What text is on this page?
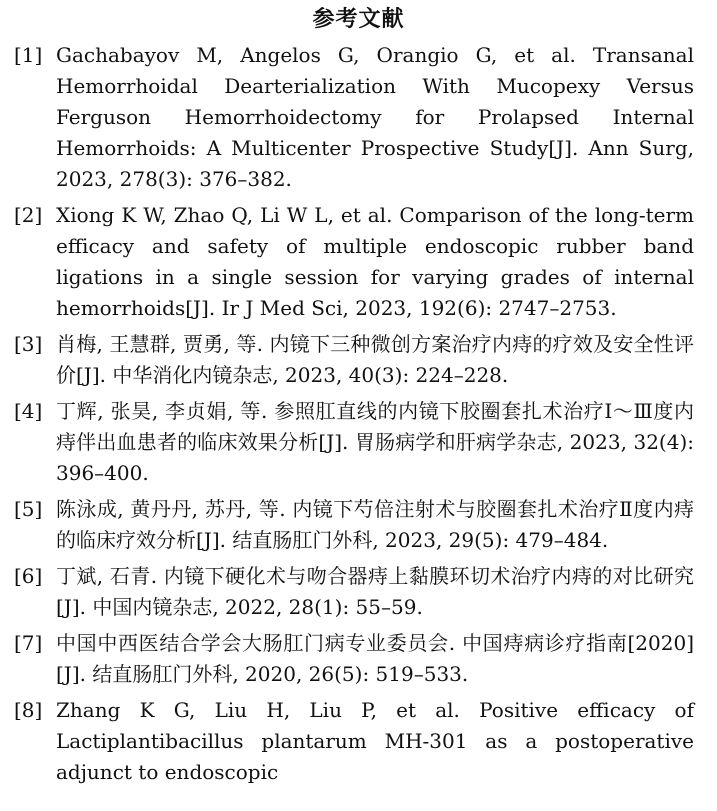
参考文献
[1] Gachabayov M, Angelos G, Orangio G, et al. Transanal Hemorrhoidal Dearterialization With Mucopexy Versus Ferguson Hemorrhoidectomy for Prolapsed Internal Hemorrhoids: A Multicenter Prospective Study[J]. Ann Surg, 2023, 278(3): 376–382.
[2] Xiong K W, Zhao Q, Li W L, et al. Comparison of the long-term efficacy and safety of multiple endoscopic rubber band ligations in a single session for varying grades of internal hemorrhoids[J]. Ir J Med Sci, 2023, 192(6): 2747–2753.
[3] 肖梅, 王慧群, 贾勇, 等. 内镜下三种微创方案治疗内痔的疗效及安全性评价[J]. 中华消化内镜杂志, 2023, 40(3): 224–228.
[4] 丁辉, 张昊, 李贞娟, 等. 参照肛直线的内镜下胶圈套扎术治疗Ⅰ～Ⅲ度内痔伴出血患者的临床效果分析[J]. 胃肠病学和肝病学杂志, 2023, 32(4): 396–400.
[5] 陈泳成, 黄丹丹, 苏丹, 等. 内镜下芍倍注射术与胶圈套扎术治疗Ⅱ度内痔的临床疗效分析[J]. 结直肠肛门外科, 2023, 29(5): 479–484.
[6] 丁斌, 石青. 内镜下硬化术与吻合器痔上黏膜环切术治疗内痔的对比研究[J]. 中国内镜杂志, 2022, 28(1): 55–59.
[7] 中国中西医结合学会大肠肛门病专业委员会. 中国痔病诊疗指南[2020][J]. 结直肠肛门外科, 2020, 26(5): 519–533.
[8] Zhang K G, Liu H, Liu P, et al. Positive efficacy of Lactiplantibacillus plantarum MH-301 as a postoperative adjunct to endoscopic
